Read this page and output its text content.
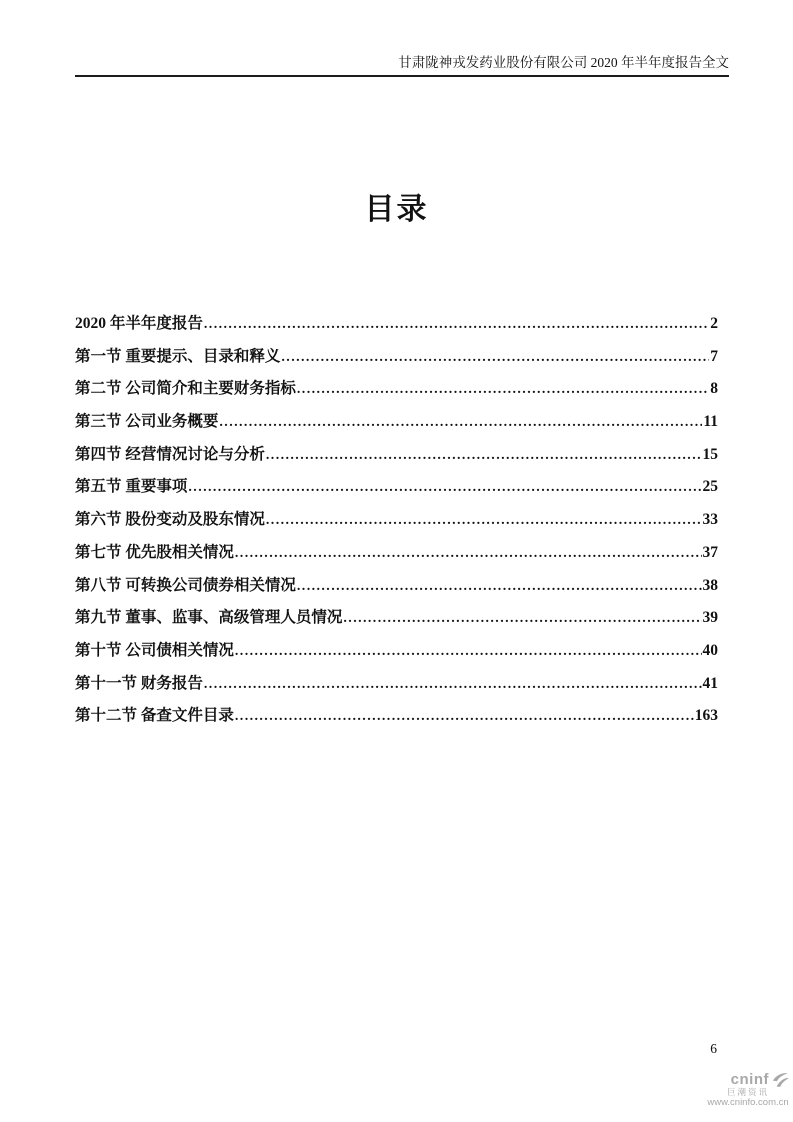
甘肃陇神戎发药业股份有限公司 2020 年半年度报告全文
目录
2020 年半年度报告 .....	2
第一节 重要提示、目录和释义 .....	7
第二节 公司简介和主要财务指标 .....	8
第三节 公司业务概要 .....	11
第四节 经营情况讨论与分析 .....	15
第五节 重要事项 .....	25
第六节 股份变动及股东情况 .....	33
第七节 优先股相关情况 .....	37
第八节 可转换公司债券相关情况 .....	38
第九节 董事、监事、高级管理人员情况 .....	39
第十节 公司债相关情况 .....	40
第十一节 财务报告 .....	41
第十二节 备查文件目录 .....	163
6
cninf
巨潮资讯
www.cninfo.com.cn
